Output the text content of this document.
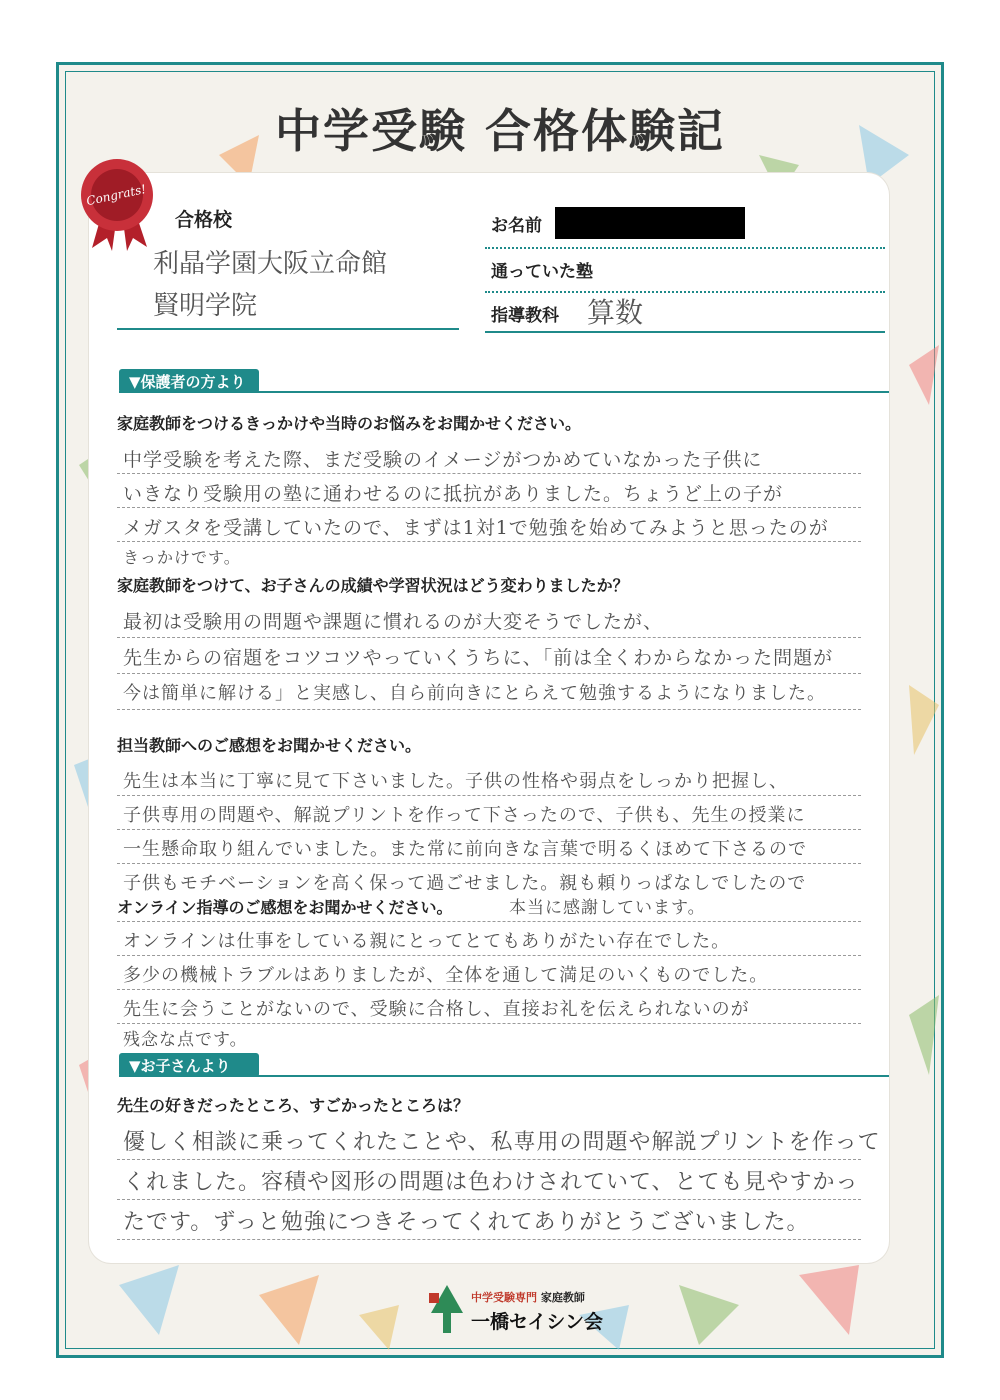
中学受験 合格体験記
Congrats!
合格校
利晶学園大阪立命館
賢明学院
お名前
通っていた塾
指導教科 算数
▼保護者の方より
家庭教師をつけるきっかけや当時のお悩みをお聞かせください。
中学受験を考えた際、まだ受験のイメージがつかめていなかった子供に
いきなり受験用の塾に通わせるのに抵抗がありました。ちょうど上の子が
メガスタを受講していたので、まずは1対1で勉強を始めてみようと思ったのが
きっかけです。
家庭教師をつけて、お子さんの成績や学習状況はどう変わりましたか？
最初は受験用の問題や課題に慣れるのが大変そうでしたが、
先生からの宿題をコツコツやっていくうちに、「前は全くわからなかった問題が
今は簡単に解ける」と実感し、自ら前向きにとらえて勉強するようになりました。
担当教師へのご感想をお聞かせください。
先生は本当に丁寧に見て下さいました。子供の性格や弱点をしっかり把握し、
子供専用の問題や、解説プリントを作って下さったので、子供も、先生の授業に
一生懸命取り組んでいました。また常に前向きな言葉で明るくほめて下さるので
子供もモチベーションを高く保って過ごせました。親も頼りっぱなしでしたので
オンライン指導のご感想をお聞かせください。	本当に感謝しています。
オンラインは仕事をしている親にとってとてもありがたい存在でした。
多少の機械トラブルはありましたが、全体を通して満足のいくものでした。
先生に会うことがないので、受験に合格し、直接お礼を伝えられないのが
残念な点です。
▼お子さんより
先生の好きだったところ、すごかったところは？
優しく相談に乗ってくれたことや、私専用の問題や解説プリントを作って
くれました。容積や図形の問題は色わけされていて、とても見やすかっ
たです。ずっと勉強につきそってくれてありがとうございました。
中学受験専門 家庭教師
一橋セイシン会
